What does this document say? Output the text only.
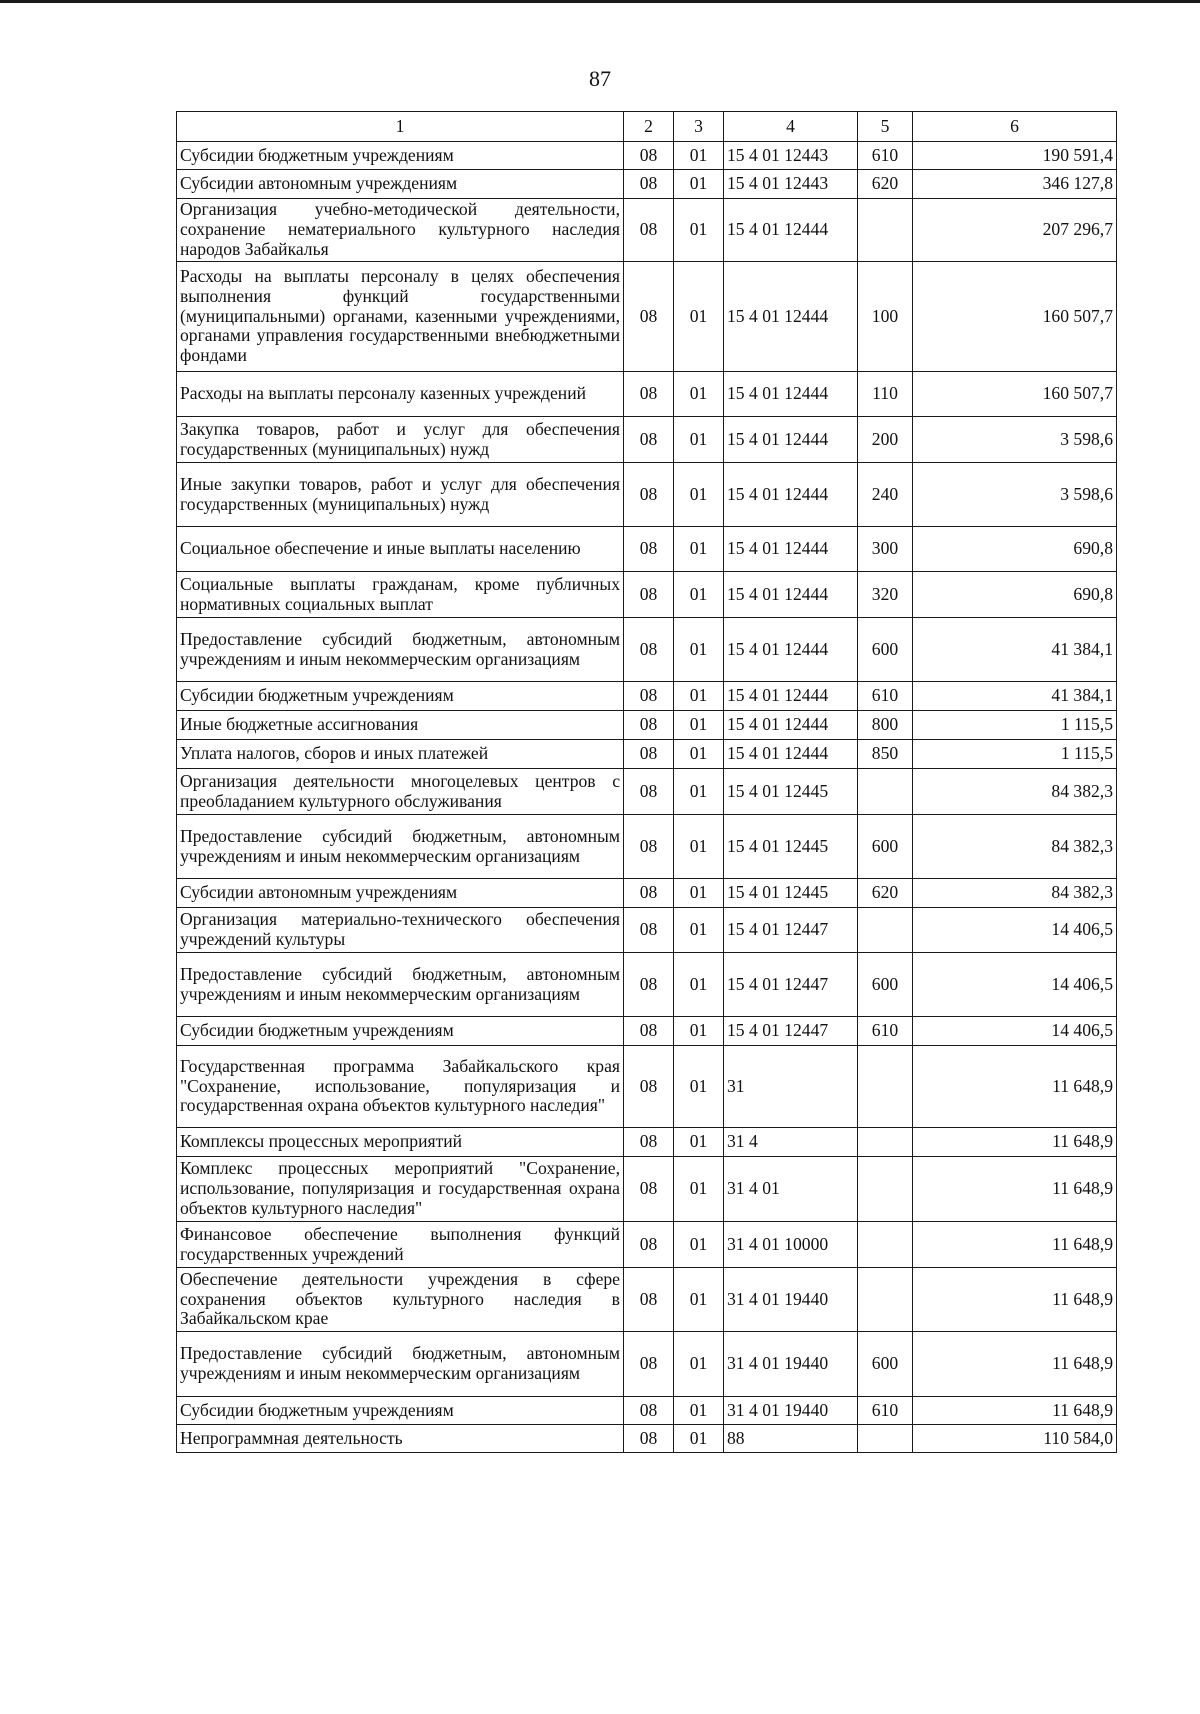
87
1	2	3	4	5	6
Субсидии бюджетным учреждениям	08	01	15 4 01 12443	610	190 591,4
Субсидии автономным учреждениям	08	01	15 4 01 12443	620	346 127,8
Организация учебно-методической деятельности, сохранение нематериального культурного наследия народов Забайкалья	08	01	15 4 01 12444		207 296,7
Расходы на выплаты персоналу в целях обеспечения выполнения функций государственными (муниципальными) органами, казенными учреждениями, органами управления государственными внебюджетными фондами	08	01	15 4 01 12444	100	160 507,7
Расходы на выплаты персоналу казенных учреждений	08	01	15 4 01 12444	110	160 507,7
Закупка товаров, работ и услуг для обеспечения государственных (муниципальных) нужд	08	01	15 4 01 12444	200	3 598,6
Иные закупки товаров, работ и услуг для обеспечения государственных (муниципальных) нужд	08	01	15 4 01 12444	240	3 598,6
Социальное обеспечение и иные выплаты населению	08	01	15 4 01 12444	300	690,8
Социальные выплаты гражданам, кроме публичных нормативных социальных выплат	08	01	15 4 01 12444	320	690,8
Предоставление субсидий бюджетным, автономным учреждениям и иным некоммерческим организациям	08	01	15 4 01 12444	600	41 384,1
Субсидии бюджетным учреждениям	08	01	15 4 01 12444	610	41 384,1
Иные бюджетные ассигнования	08	01	15 4 01 12444	800	1 115,5
Уплата налогов, сборов и иных платежей	08	01	15 4 01 12444	850	1 115,5
Организация деятельности многоцелевых центров с преобладанием культурного обслуживания	08	01	15 4 01 12445		84 382,3
Предоставление субсидий бюджетным, автономным учреждениям и иным некоммерческим организациям	08	01	15 4 01 12445	600	84 382,3
Субсидии автономным учреждениям	08	01	15 4 01 12445	620	84 382,3
Организация материально-технического обеспечения учреждений культуры	08	01	15 4 01 12447		14 406,5
Предоставление субсидий бюджетным, автономным учреждениям и иным некоммерческим организациям	08	01	15 4 01 12447	600	14 406,5
Субсидии бюджетным учреждениям	08	01	15 4 01 12447	610	14 406,5
Государственная программа Забайкальского края "Сохранение, использование, популяризация и государственная охрана объектов культурного наследия"	08	01	31		11 648,9
Комплексы процессных мероприятий	08	01	31 4		11 648,9
Комплекс процессных мероприятий "Сохранение, использование, популяризация и государственная охрана объектов культурного наследия"	08	01	31 4 01		11 648,9
Финансовое обеспечение выполнения функций государственных учреждений	08	01	31 4 01 10000		11 648,9
Обеспечение деятельности учреждения в сфере сохранения объектов культурного наследия в Забайкальском крае	08	01	31 4 01 19440		11 648,9
Предоставление субсидий бюджетным, автономным учреждениям и иным некоммерческим организациям	08	01	31 4 01 19440	600	11 648,9
Субсидии бюджетным учреждениям	08	01	31 4 01 19440	610	11 648,9
Непрограммная деятельность	08	01	88		110 584,0
